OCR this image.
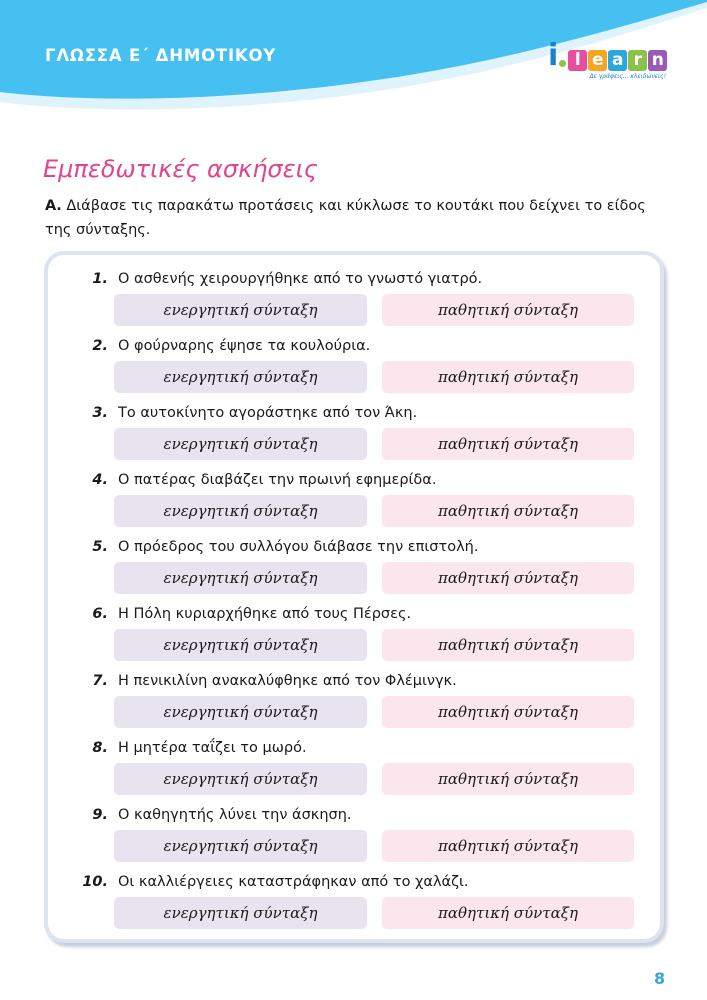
ΓΛΩΣΣΑ Ε΄ ΔΗΜΟΤΙΚΟΥ	i l e a r n
Δε γράφεις... κλειδώνεις!
Εμπεδωτικές ασκήσεις
Α. Διάβασε τις παρακάτω προτάσεις και κύκλωσε το κουτάκι που δείχνει το είδος της σύνταξης.
1. Ο ασθενής χειρουργήθηκε από το γνωστό γιατρό.
ενεργητική σύνταξη	παθητική σύνταξη
2. Ο φούρναρης έψησε τα κουλούρια.
ενεργητική σύνταξη	παθητική σύνταξη
3. Το αυτοκίνητο αγοράστηκε από τον Άκη.
ενεργητική σύνταξη	παθητική σύνταξη
4. Ο πατέρας διαβάζει την πρωινή εφημερίδα.
ενεργητική σύνταξη	παθητική σύνταξη
5. Ο πρόεδρος του συλλόγου διάβασε την επιστολή.
ενεργητική σύνταξη	παθητική σύνταξη
6. Η Πόλη κυριαρχήθηκε από τους Πέρσες.
ενεργητική σύνταξη	παθητική σύνταξη
7. Η πενικιλίνη ανακαλύφθηκε από τον Φλέμινγκ.
ενεργητική σύνταξη	παθητική σύνταξη
8. Η μητέρα ταΐζει το μωρό.
ενεργητική σύνταξη	παθητική σύνταξη
9. Ο καθηγητής λύνει την άσκηση.
ενεργητική σύνταξη	παθητική σύνταξη
10. Οι καλλιέργειες καταστράφηκαν από το χαλάζι.
ενεργητική σύνταξη	παθητική σύνταξη
8
